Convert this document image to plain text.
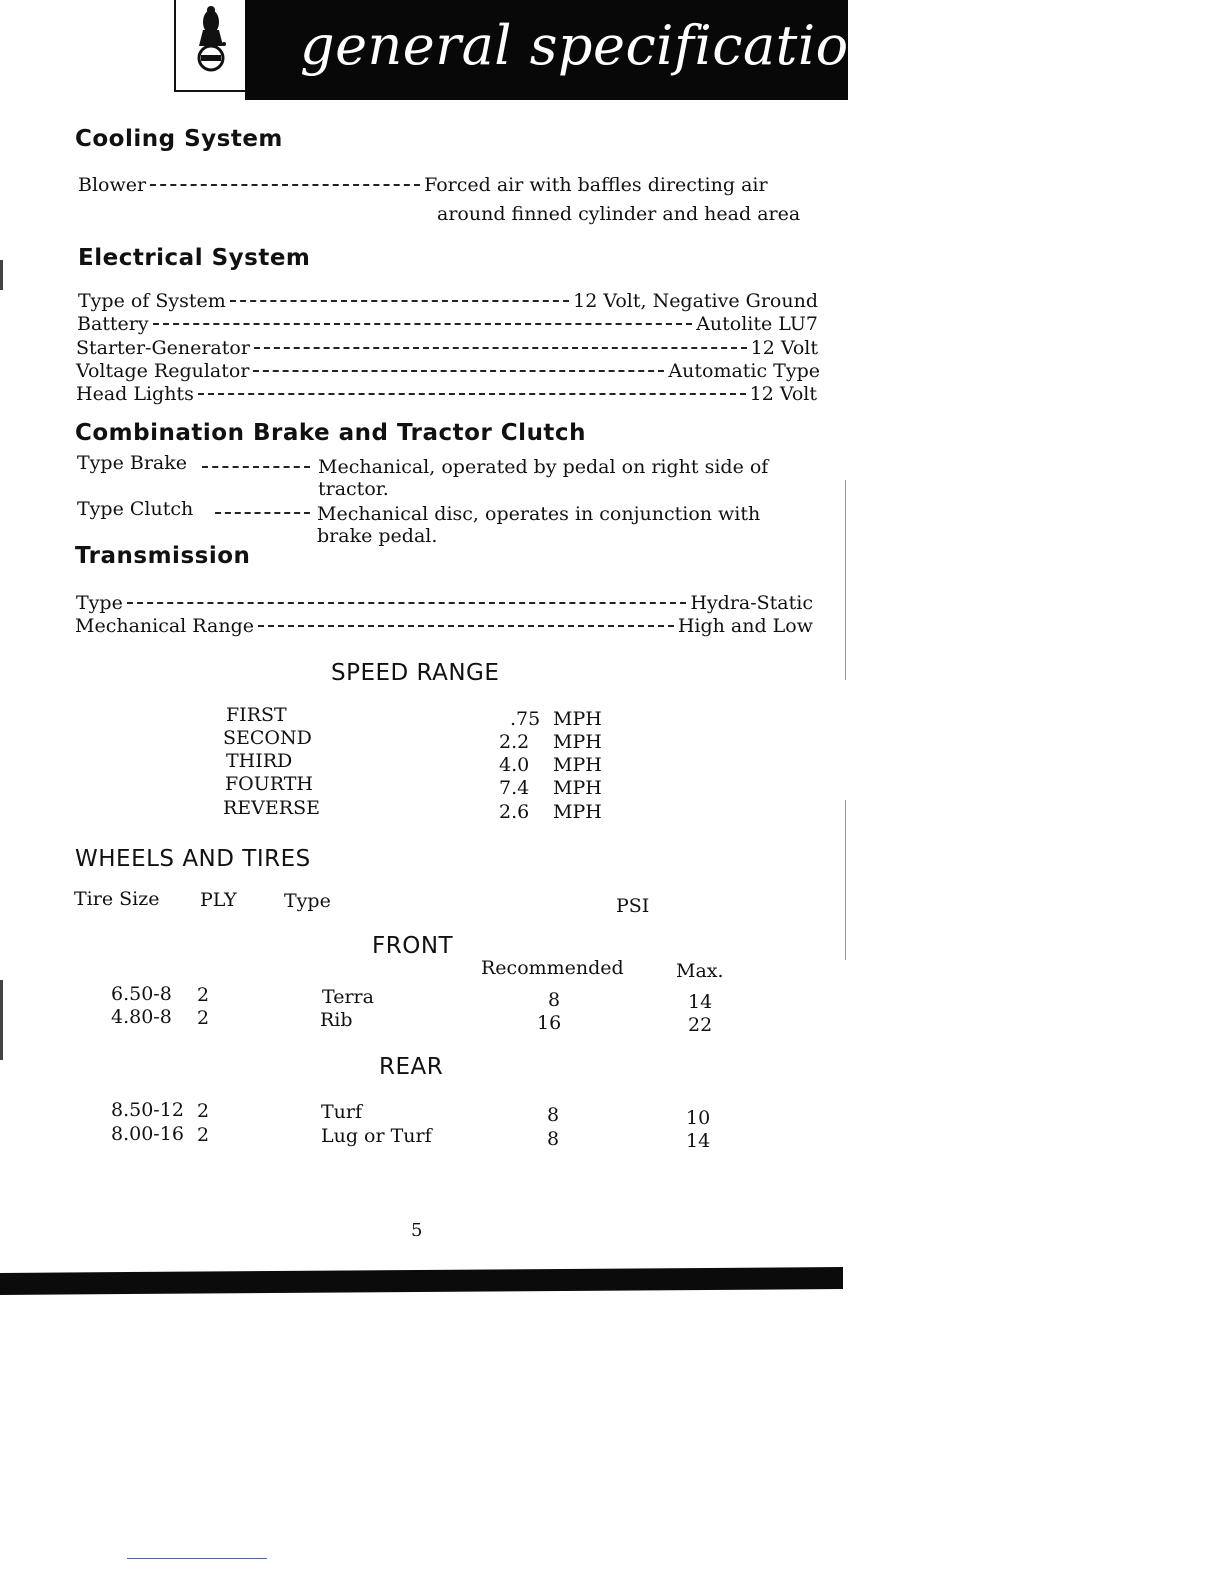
general specifications
Cooling System
Blower	Forced air with baffles directing air
around finned cylinder and head area
Electrical System
Type of System	12 Volt, Negative Ground
Battery	Autolite LU7
Starter-Generator	12 Volt
Voltage Regulator	Automatic Type
Head Lights	12 Volt
Combination Brake and Tractor Clutch
Type Brake	Mechanical, operated by pedal on right side of
tractor.
Type Clutch	Mechanical disc, operates in conjunction with
brake pedal.
Transmission
Type	Hydra-Static
Mechanical Range	High and Low
SPEED RANGE
FIRST	.75 MPH
SECOND	2.2 MPH
THIRD	4.0 MPH
FOURTH	7.4 MPH
REVERSE	2.6 MPH
WHEELS AND TIRES
Tire Size PLY Type	PSI
FRONT
Recommended	Max.
6.50-8 2	Terra	8	14
4.80-8 2	Rib	16	22
REAR
8.50-12 2	Turf	8	10
8.00-16 2	Lug or Turf	8	14
5
